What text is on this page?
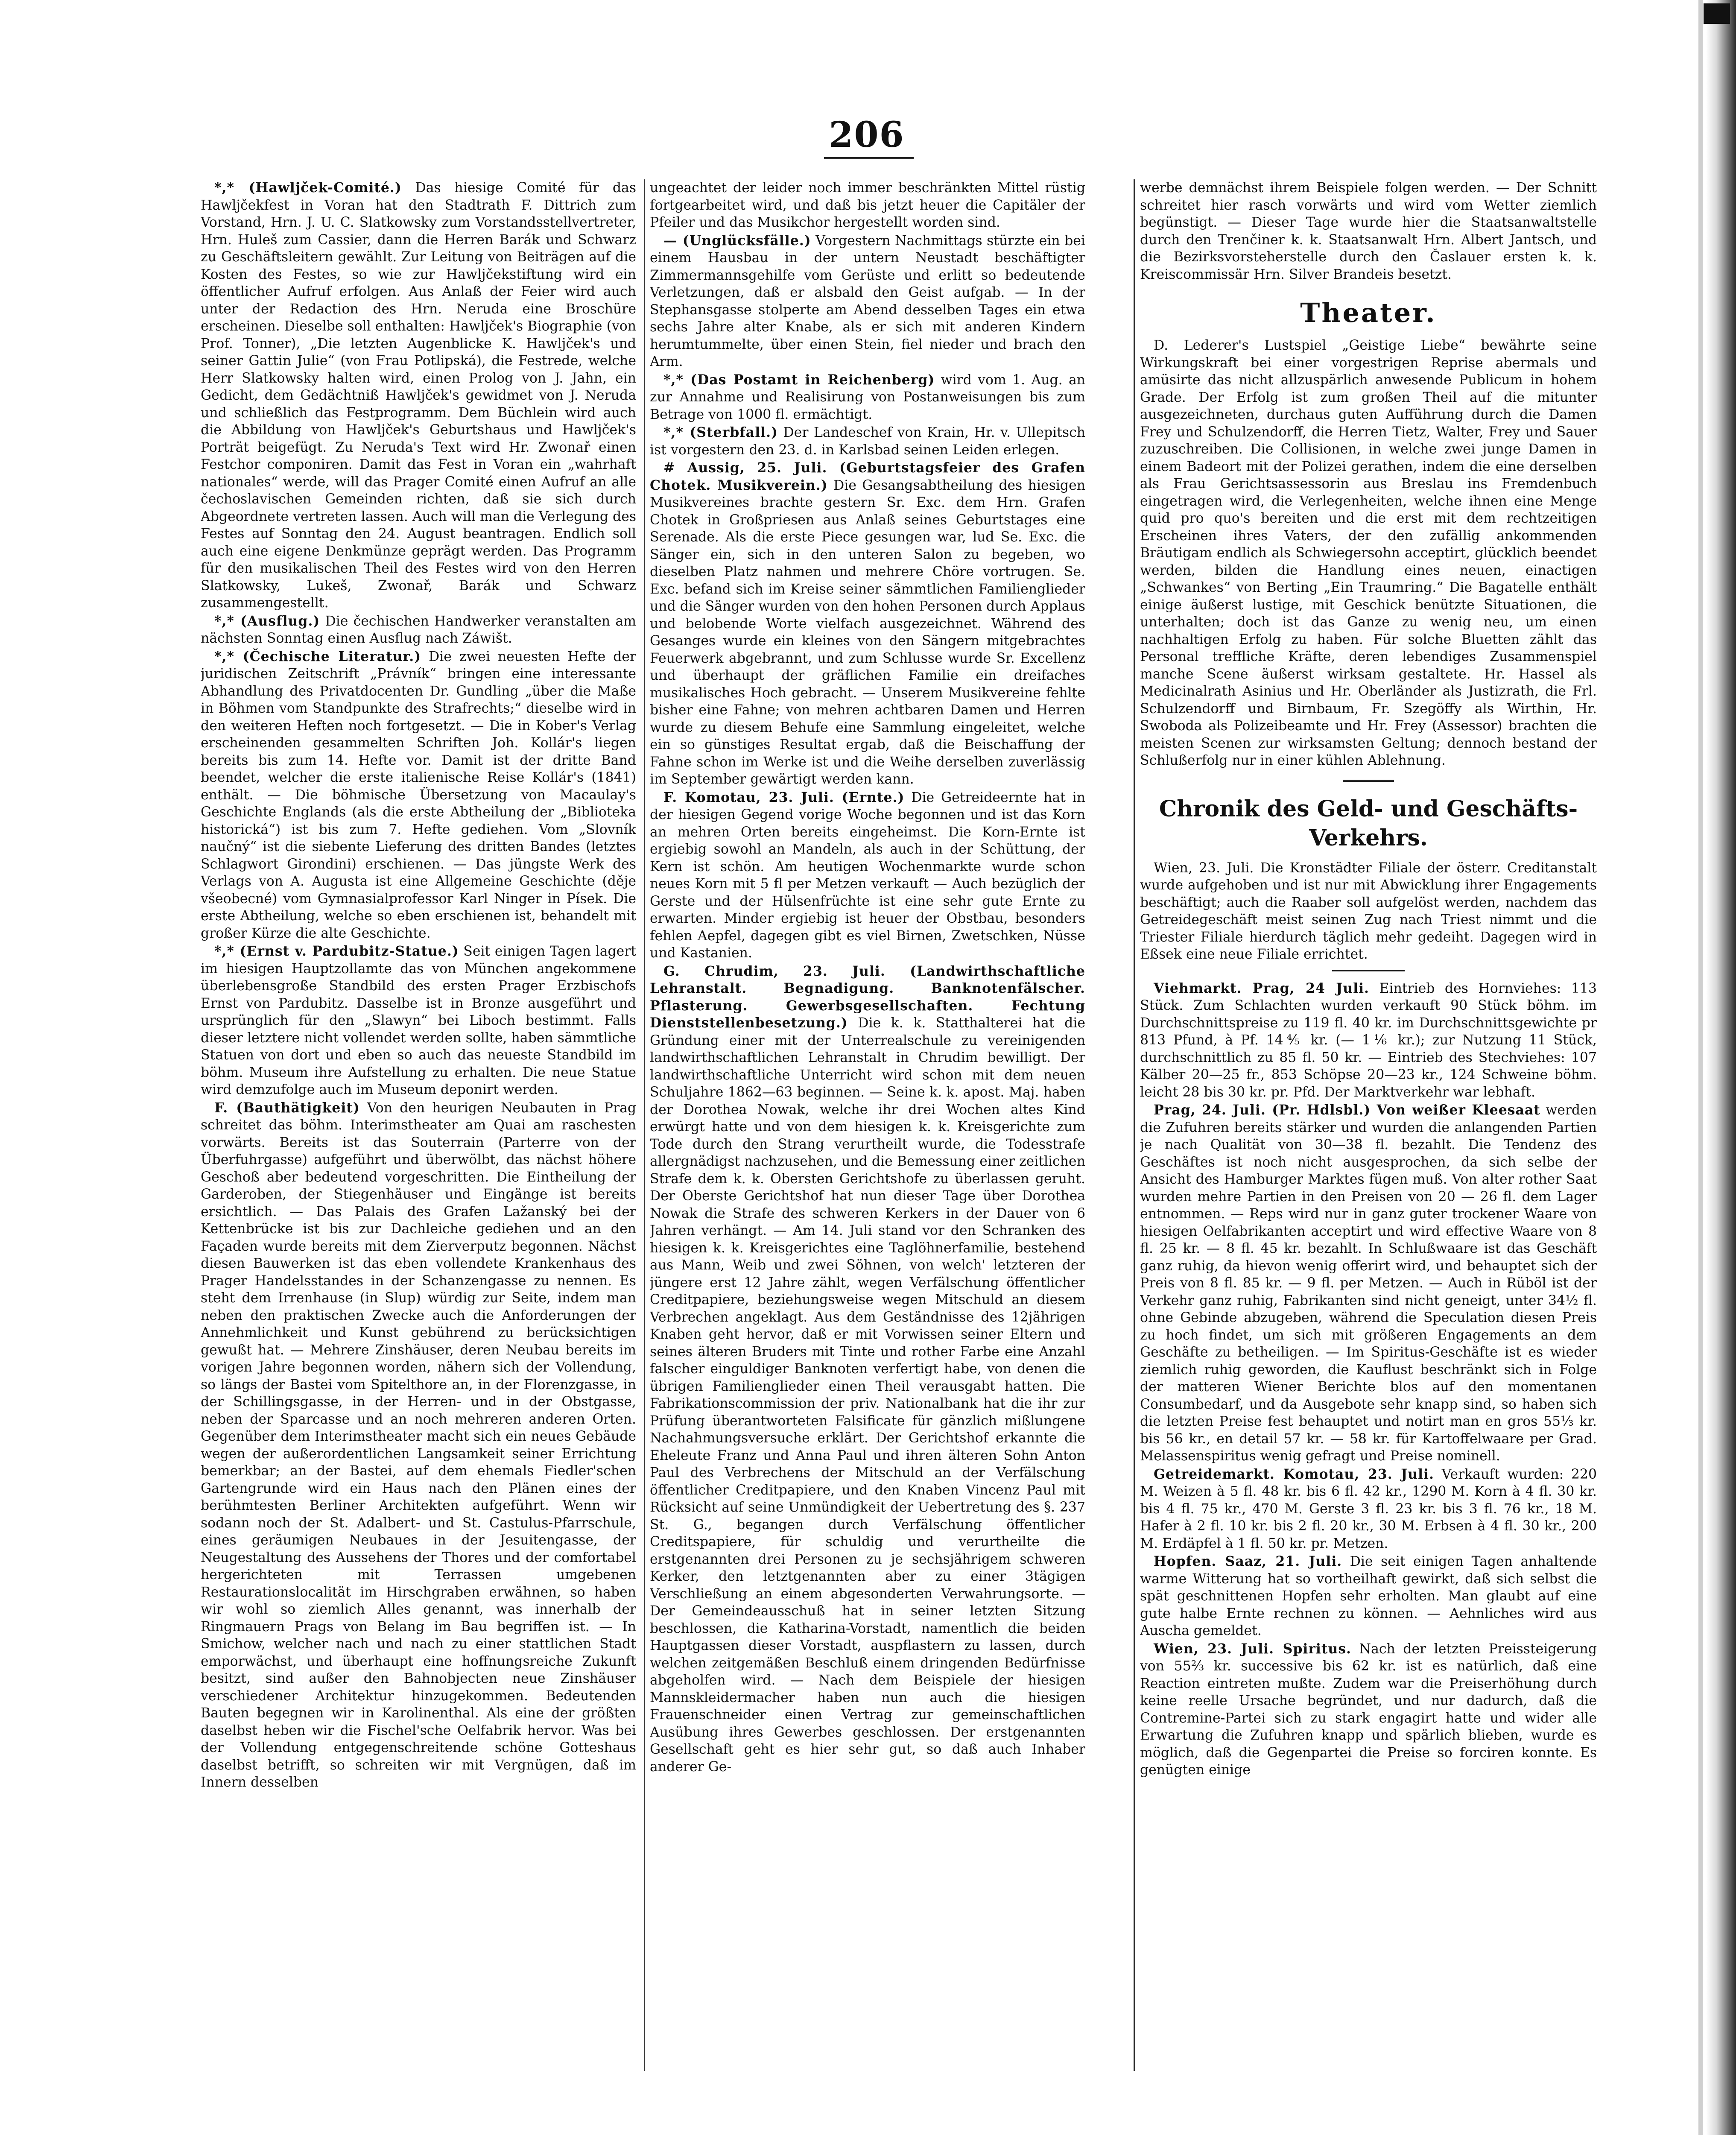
206

*,* (Hawljček-Comité.) Das hiesige Comité für das Hawljčekfest in Voran hat den Stadtrath F. Dittrich zum Vorstand, Hrn. J. U. C. Slatkowsky zum Vorstandsstellvertreter, Hrn. Huleš zum Cassier, dann die Herren Barák und Schwarz zu Geschäftsleitern gewählt. Zur Leitung von Beiträgen auf die Kosten des Festes, so wie zur Hawljčekstiftung wird ein öffentlicher Aufruf erfolgen. Aus Anlaß der Feier wird auch unter der Redaction des Hrn. Neruda eine Broschüre erscheinen. Dieselbe soll enthalten: Hawljček's Biographie (von Prof. Tonner), „Die letzten Augenblicke K. Hawljček's und seiner Gattin Julie“ (von Frau Potlipská), die Festrede, welche Herr Slatkowsky halten wird, einen Prolog von J. Jahn, ein Gedicht, dem Gedächtniß Hawljček's gewidmet von J. Neruda und schließlich das Festprogramm. Dem Büchlein wird auch die Abbildung von Hawljček's Geburtshaus und Hawljček's Porträt beigefügt. Zu Neruda's Text wird Hr. Zwonař einen Festchor componiren. Damit das Fest in Voran ein „wahrhaft nationales“ werde, will das Prager Comité einen Aufruf an alle čechoslavischen Gemeinden richten, daß sie sich durch Abgeordnete vertreten lassen. Auch will man die Verlegung des Festes auf Sonntag den 24. August beantragen. Endlich soll auch eine eigene Denkmünze geprägt werden. Das Programm für den musikalischen Theil des Festes wird von den Herren Slatkowsky, Lukeš, Zwonař, Barák und Schwarz zusammengestellt.

*,* (Ausflug.) Die čechischen Handwerker veranstalten am nächsten Sonntag einen Ausflug nach Záwišt.

*,* (Čechische Literatur.) Die zwei neuesten Hefte der juridischen Zeitschrift „Právník“ bringen eine interessante Abhandlung des Privatdocenten Dr. Gundling „über die Maße in Böhmen vom Standpunkte des Strafrechts;“ dieselbe wird in den weiteren Heften noch fortgesetzt. — Die in Kober's Verlag erscheinenden gesammelten Schriften Joh. Kollár's liegen bereits bis zum 14. Hefte vor. Damit ist der dritte Band beendet, welcher die erste italienische Reise Kollár's (1841) enthält. — Die böhmische Übersetzung von Macaulay's Geschichte Englands (als die erste Abtheilung der „Biblioteka historická“) ist bis zum 7. Hefte gediehen. Vom „Slovník naučný“ ist die siebente Lieferung des dritten Bandes (letztes Schlagwort Girondini) erschienen. — Das jüngste Werk des Verlags von A. Augusta ist eine Allgemeine Geschichte (děje všeobecné) vom Gymnasialprofessor Karl Ninger in Písek. Die erste Abtheilung, welche so eben erschienen ist, behandelt mit großer Kürze die alte Geschichte.

*,* (Ernst v. Pardubitz-Statue.) Seit einigen Tagen lagert im hiesigen Hauptzollamte das von München angekommene überlebensgroße Standbild des ersten Prager Erzbischofs Ernst von Pardubitz. Dasselbe ist in Bronze ausgeführt und ursprünglich für den „Slawyn“ bei Liboch bestimmt. Falls dieser letztere nicht vollendet werden sollte, haben sämmtliche Statuen von dort und eben so auch das neueste Standbild im böhm. Museum ihre Aufstellung zu erhalten. Die neue Statue wird demzufolge auch im Museum deponirt werden.

F. (Bauthätigkeit) Von den heurigen Neubauten in Prag schreitet das böhm. Interimstheater am Quai am raschesten vorwärts. Bereits ist das Souterrain (Parterre von der Überfuhrgasse) aufgeführt und überwölbt, das nächst höhere Geschoß aber bedeutend vorgeschritten. Die Eintheilung der Garderoben, der Stiegenhäuser und Eingänge ist bereits ersichtlich. — Das Palais des Grafen Lažanský bei der Kettenbrücke ist bis zur Dachleiche gediehen und an den Façaden wurde bereits mit dem Zierverputz begonnen. Nächst diesen Bauwerken ist das eben vollendete Krankenhaus des Prager Handelsstandes in der Schanzengasse zu nennen. Es steht dem Irrenhause (in Slup) würdig zur Seite, indem man neben den praktischen Zwecke auch die Anforderungen der Annehmlichkeit und Kunst gebührend zu berücksichtigen gewußt hat. — Mehrere Zinshäuser, deren Neubau bereits im vorigen Jahre begonnen worden, nähern sich der Vollendung, so längs der Bastei vom Spitelthore an, in der Florenzgasse, in der Schillingsgasse, in der Herren- und in der Obstgasse, neben der Sparcasse und an noch mehreren anderen Orten. Gegenüber dem Interimstheater macht sich ein neues Gebäude wegen der außerordentlichen Langsamkeit seiner Errichtung bemerkbar; an der Bastei, auf dem ehemals Fiedler'schen Gartengrunde wird ein Haus nach den Plänen eines der berühmtesten Berliner Architekten aufgeführt. Wenn wir sodann noch der St. Adalbert- und St. Castulus-Pfarrschule, eines geräumigen Neubaues in der Jesuitengasse, der Neugestaltung des Aussehens der Thores und der comfortabel hergerichteten mit Terrassen umgebenen Restaurationslocalität im Hirschgraben erwähnen, so haben wir wohl so ziemlich Alles genannt, was innerhalb der Ringmauern Prags von Belang im Bau begriffen ist. — In Smichow, welcher nach und nach zu einer stattlichen Stadt emporwächst, und überhaupt eine hoffnungsreiche Zukunft besitzt, sind außer den Bahnobjecten neue Zinshäuser verschiedener Architektur hinzugekommen. Bedeutenden Bauten begegnen wir in Karolinenthal. Als eine der größten daselbst heben wir die Fischel'sche Oelfabrik hervor. Was bei der Vollendung entgegenschreitende schöne Gotteshaus daselbst betrifft, so schreiten wir mit Vergnügen, daß im Innern desselben

ungeachtet der leider noch immer beschränkten Mittel rüstig fortgearbeitet wird, und daß bis jetzt heuer die Capitäler der Pfeiler und das Musikchor hergestellt worden sind.

— (Unglücksfälle.) Vorgestern Nachmittags stürzte ein bei einem Hausbau in der untern Neustadt beschäftigter Zimmermannsgehilfe vom Gerüste und erlitt so bedeutende Verletzungen, daß er alsbald den Geist aufgab. — In der Stephansgasse stolperte am Abend desselben Tages ein etwa sechs Jahre alter Knabe, als er sich mit anderen Kindern herumtummelte, über einen Stein, fiel nieder und brach den Arm.

*,* (Das Postamt in Reichenberg) wird vom 1. Aug. an zur Annahme und Realisirung von Postanweisungen bis zum Betrage von 1000 fl. ermächtigt.

*,* (Sterbfall.) Der Landeschef von Krain, Hr. v. Ullepitsch ist vorgestern den 23. d. in Karlsbad seinen Leiden erlegen.

# Aussig, 25. Juli. (Geburtstagsfeier des Grafen Chotek. Musikverein.) Die Gesangsabtheilung des hiesigen Musikvereines brachte gestern Sr. Exc. dem Hrn. Grafen Chotek in Großpriesen aus Anlaß seines Geburtstages eine Serenade. Als die erste Piece gesungen war, lud Se. Exc. die Sänger ein, sich in den unteren Salon zu begeben, wo dieselben Platz nahmen und mehrere Chöre vortrugen. Se. Exc. befand sich im Kreise seiner sämmtlichen Familienglieder und die Sänger wurden von den hohen Personen durch Applaus und belobende Worte vielfach ausgezeichnet. Während des Gesanges wurde ein kleines von den Sängern mitgebrachtes Feuerwerk abgebrannt, und zum Schlusse wurde Sr. Excellenz und überhaupt der gräflichen Familie ein dreifaches musikalisches Hoch gebracht. — Unserem Musikvereine fehlte bisher eine Fahne; von mehren achtbaren Damen und Herren wurde zu diesem Behufe eine Sammlung eingeleitet, welche ein so günstiges Resultat ergab, daß die Beischaffung der Fahne schon im Werke ist und die Weihe derselben zuverlässig im September gewärtigt werden kann.

F. Komotau, 23. Juli. (Ernte.) Die Getreideernte hat in der hiesigen Gegend vorige Woche begonnen und ist das Korn an mehren Orten bereits eingeheimst. Die Korn-Ernte ist ergiebig sowohl an Mandeln, als auch in der Schüttung, der Kern ist schön. Am heutigen Wochenmarkte wurde schon neues Korn mit 5 fl per Metzen verkauft — Auch bezüglich der Gerste und der Hülsenfrüchte ist eine sehr gute Ernte zu erwarten. Minder ergiebig ist heuer der Obstbau, besonders fehlen Aepfel, dagegen gibt es viel Birnen, Zwetschken, Nüsse und Kastanien.

G. Chrudim, 23. Juli. (Landwirthschaftliche Lehranstalt. Begnadigung. Banknotenfälscher. Pflasterung. Gewerbsgesellschaften. Fechtung Dienststellenbesetzung.) Die k. k. Statthalterei hat die Gründung einer mit der Unterrealschule zu vereinigenden landwirthschaftlichen Lehranstalt in Chrudim bewilligt. Der landwirthschaftliche Unterricht wird schon mit dem neuen Schuljahre 1862—63 beginnen. — Seine k. k. apost. Maj. haben der Dorothea Nowak, welche ihr drei Wochen altes Kind erwürgt hatte und von dem hiesigen k. k. Kreisgerichte zum Tode durch den Strang verurtheilt wurde, die Todesstrafe allergnädigst nachzusehen, und die Bemessung einer zeitlichen Strafe dem k. k. Obersten Gerichtshofe zu überlassen geruht. Der Oberste Gerichtshof hat nun dieser Tage über Dorothea Nowak die Strafe des schweren Kerkers in der Dauer von 6 Jahren verhängt. — Am 14. Juli stand vor den Schranken des hiesigen k. k. Kreisgerichtes eine Taglöhnerfamilie, bestehend aus Mann, Weib und zwei Söhnen, von welch' letzteren der jüngere erst 12 Jahre zählt, wegen Verfälschung öffentlicher Creditpapiere, beziehungsweise wegen Mitschuld an diesem Verbrechen angeklagt. Aus dem Geständnisse des 12jährigen Knaben geht hervor, daß er mit Vorwissen seiner Eltern und seines älteren Bruders mit Tinte und rother Farbe eine Anzahl falscher einguldiger Banknoten verfertigt habe, von denen die übrigen Familienglieder einen Theil verausgabt hatten. Die Fabrikationscommission der priv. Nationalbank hat die ihr zur Prüfung überantworteten Falsificate für gänzlich mißlungene Nachahmungsversuche erklärt. Der Gerichtshof erkannte die Eheleute Franz und Anna Paul und ihren älteren Sohn Anton Paul des Verbrechens der Mitschuld an der Verfälschung öffentlicher Creditpapiere, und den Knaben Vincenz Paul mit Rücksicht auf seine Unmündigkeit der Uebertretung des §. 237 St. G., begangen durch Verfälschung öffentlicher Creditspapiere, für schuldig und verurtheilte die erstgenannten drei Personen zu je sechsjährigem schweren Kerker, den letztgenannten aber zu einer 3tägigen Verschließung an einem abgesonderten Verwahrungsorte. — Der Gemeindeausschuß hat in seiner letzten Sitzung beschlossen, die Katharina-Vorstadt, namentlich die beiden Hauptgassen dieser Vorstadt, auspflastern zu lassen, durch welchen zeitgemäßen Beschluß einem dringenden Bedürfnisse abgeholfen wird. — Nach dem Beispiele der hiesigen Mannskleidermacher haben nun auch die hiesigen Frauenschneider einen Vertrag zur gemeinschaftlichen Ausübung ihres Gewerbes geschlossen. Der erstgenannten Gesellschaft geht es hier sehr gut, so daß auch Inhaber anderer Ge-

werbe demnächst ihrem Beispiele folgen werden. — Der Schnitt schreitet hier rasch vorwärts und wird vom Wetter ziemlich begünstigt. — Dieser Tage wurde hier die Staatsanwaltstelle durch den Trenčiner k. k. Staatsanwalt Hrn. Albert Jantsch, und die Bezirksvorsteherstelle durch den Časlauer ersten k. k. Kreiscommissär Hrn. Silver Brandeis besetzt.

Theater.

D. Lederer's Lustspiel „Geistige Liebe“ bewährte seine Wirkungskraft bei einer vorgestrigen Reprise abermals und amüsirte das nicht allzuspärlich anwesende Publicum in hohem Grade. Der Erfolg ist zum großen Theil auf die mitunter ausgezeichneten, durchaus guten Aufführung durch die Damen Frey und Schulzendorff, die Herren Tietz, Walter, Frey und Sauer zuzuschreiben. Die Collisionen, in welche zwei junge Damen in einem Badeort mit der Polizei gerathen, indem die eine derselben als Frau Gerichtsassessorin aus Breslau ins Fremdenbuch eingetragen wird, die Verlegenheiten, welche ihnen eine Menge quid pro quo's bereiten und die erst mit dem rechtzeitigen Erscheinen ihres Vaters, der den zufällig ankommenden Bräutigam endlich als Schwiegersohn acceptirt, glücklich beendet werden, bilden die Handlung eines neuen, einactigen „Schwankes“ von Berting „Ein Traumring.“ Die Bagatelle enthält einige äußerst lustige, mit Geschick benützte Situationen, die unterhalten; doch ist das Ganze zu wenig neu, um einen nachhaltigen Erfolg zu haben. Für solche Bluetten zählt das Personal treffliche Kräfte, deren lebendiges Zusammenspiel manche Scene äußerst wirksam gestaltete. Hr. Hassel als Medicinalrath Asinius und Hr. Oberländer als Justizrath, die Frl. Schulzendorff und Birnbaum, Fr. Szegöffy als Wirthin, Hr. Swoboda als Polizeibeamte und Hr. Frey (Assessor) brachten die meisten Scenen zur wirksamsten Geltung; dennoch bestand der Schlußerfolg nur in einer kühlen Ablehnung.

Chronik des Geld- und Geschäfts-Verkehrs.

Wien, 23. Juli. Die Kronstädter Filiale der österr. Creditanstalt wurde aufgehoben und ist nur mit Abwicklung ihrer Engagements beschäftigt; auch die Raaber soll aufgelöst werden, nachdem das Getreidegeschäft meist seinen Zug nach Triest nimmt und die Triester Filiale hierdurch täglich mehr gedeiht. Dagegen wird in Eßsek eine neue Filiale errichtet.

Viehmarkt. Prag, 24 Juli. Eintrieb des Hornviehes: 113 Stück. Zum Schlachten wurden verkauft 90 Stück böhm. im Durchschnittspreise zu 119 fl. 40 kr. im Durchschnittsgewichte pr 813 Pfund, à Pf. 14⅘ kr. (— 1⅙ kr.); zur Nutzung 11 Stück, durchschnittlich zu 85 fl. 50 kr. — Eintrieb des Stechviehes: 107 Kälber 20—25 fr., 853 Schöpse 20—23 kr., 124 Schweine böhm. leicht 28 bis 30 kr. pr. Pfd. Der Marktverkehr war lebhaft.

Prag, 24. Juli. (Pr. Hdlsbl.) Von weißer Kleesaat werden die Zufuhren bereits stärker und wurden die anlangenden Partien je nach Qualität von 30—38 fl. bezahlt. Die Tendenz des Geschäftes ist noch nicht ausgesprochen, da sich selbe der Ansicht des Hamburger Marktes fügen muß. Von alter rother Saat wurden mehre Partien in den Preisen von 20 — 26 fl. dem Lager entnommen. — Reps wird nur in ganz guter trockener Waare von hiesigen Oelfabrikanten acceptirt und wird effective Waare von 8 fl. 25 kr. — 8 fl. 45 kr. bezahlt. In Schlußwaare ist das Geschäft ganz ruhig, da hievon wenig offerirt wird, und behauptet sich der Preis von 8 fl. 85 kr. — 9 fl. per Metzen. — Auch in Rüböl ist der Verkehr ganz ruhig, Fabrikanten sind nicht geneigt, unter 34½ fl. ohne Gebinde abzugeben, während die Speculation diesen Preis zu hoch findet, um sich mit größeren Engagements an dem Geschäfte zu betheiligen. — Im Spiritus-Geschäfte ist es wieder ziemlich ruhig geworden, die Kauflust beschränkt sich in Folge der matteren Wiener Berichte blos auf den momentanen Consumbedarf, und da Ausgebote sehr knapp sind, so haben sich die letzten Preise fest behauptet und notirt man en gros 55⅓ kr. bis 56 kr., en detail 57 kr. — 58 kr. für Kartoffelwaare per Grad. Melassenspiritus wenig gefragt und Preise nominell.

Getreidemarkt. Komotau, 23. Juli. Verkauft wurden: 220 M. Weizen à 5 fl. 48 kr. bis 6 fl. 42 kr., 1290 M. Korn à 4 fl. 30 kr. bis 4 fl. 75 kr., 470 M. Gerste 3 fl. 23 kr. bis 3 fl. 76 kr., 18 M. Hafer à 2 fl. 10 kr. bis 2 fl. 20 kr., 30 M. Erbsen à 4 fl. 30 kr., 200 M. Erdäpfel à 1 fl. 50 kr. pr. Metzen.

Hopfen. Saaz, 21. Juli. Die seit einigen Tagen anhaltende warme Witterung hat so vortheilhaft gewirkt, daß sich selbst die spät geschnittenen Hopfen sehr erholten. Man glaubt auf eine gute halbe Ernte rechnen zu können. — Aehnliches wird aus Auscha gemeldet.

Wien, 23. Juli. Spiritus. Nach der letzten Preissteigerung von 55⅔ kr. successive bis 62 kr. ist es natürlich, daß eine Reaction eintreten mußte. Zudem war die Preiserhöhung durch keine reelle Ursache begründet, und nur dadurch, daß die Contremine-Partei sich zu stark engagirt hatte und wider alle Erwartung die Zufuhren knapp und spärlich blieben, wurde es möglich, daß die Gegenpartei die Preise so forciren konnte. Es genügten einige
